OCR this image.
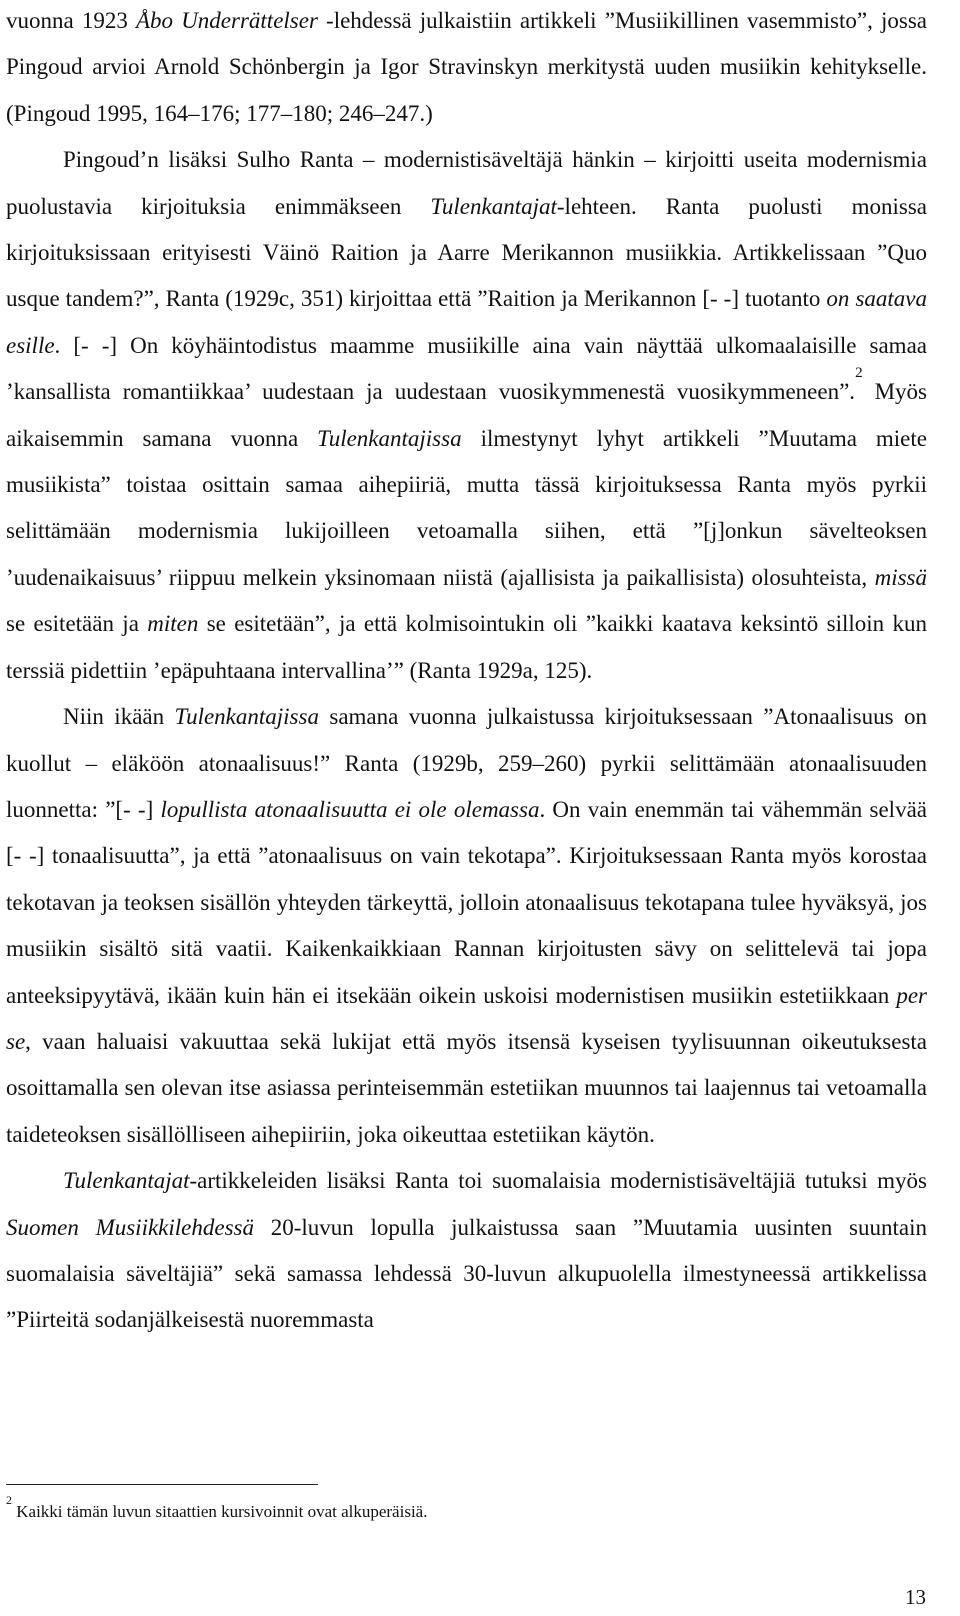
vuonna 1923 Åbo Underrättelser -lehdessä julkaistiin artikkeli ”Musiikillinen vasemmisto”, jossa Pingoud arvioi Arnold Schönbergin ja Igor Stravinskyn merkitystä uuden musiikin kehitykselle. (Pingoud 1995, 164–176; 177–180; 246–247.)

Pingoud’n lisäksi Sulho Ranta – modernistisäveltäjä hänkin – kirjoitti useita modernismia puolustavia kirjoituksia enimmäkseen Tulenkantajat-lehteen. Ranta puolusti monissa kirjoituksissaan erityisesti Väinö Raition ja Aarre Merikannon musiikkia. Artikkelissaan ”Quo usque tandem?”, Ranta (1929c, 351) kirjoittaa että ”Raition ja Merikannon [- -] tuotanto on saatava esille. [- -] On köyhäintodistus maamme musiikille aina vain näyttää ulkomaalaisille samaa ’kansallista romantiikkaa’ uudestaan ja uudestaan vuosikymmenestä vuosikymmeneen”.$^2$ Myös aikaisemmin samana vuonna Tulenkantajissa ilmestynyt lyhyt artikkeli ”Muutama miete musiikista” toistaa osittain samaa aihepiiriä, mutta tässä kirjoituksessa Ranta myös pyrkii selittämään modernismia lukijoilleen vetoamalla siihen, että ”[j]onkun sävelteoksen ’uudenaikaisuus’ riippuu melkein yksinomaan niistä (ajallisista ja paikallisista) olosuhteista, missä se esitetään ja miten se esitetään”, ja että kolmisointukin oli ”kaikki kaatava keksintö silloin kun terssiä pidettiin ’epäpuhtaana intervallina’” (Ranta 1929a, 125).

Niin ikään Tulenkantajissa samana vuonna julkaistussa kirjoituksessaan ”Atonaalisuus on kuollut – eläköön atonaalisuus!” Ranta (1929b, 259–260) pyrkii selittämään atonaalisuuden luonnetta: ”[- -] lopullista atonaalisuutta ei ole olemassa. On vain enemmän tai vähemmän selvää [- -] tonaalisuutta”, ja että ”atonaalisuus on vain tekotapa”. Kirjoituksessaan Ranta myös korostaa tekotavan ja teoksen sisällön yhteyden tärkeyttä, jolloin atonaalisuus tekotapana tulee hyväksyä, jos musiikin sisältö sitä vaatii. Kaikenkaikkiaan Rannan kirjoitusten sävy on selittelevä tai jopa anteeksipyytävä, ikään kuin hän ei itsekään oikein uskoisi modernistisen musiikin estetiikkaan per se, vaan haluaisi vakuuttaa sekä lukijat että myös itsensä kyseisen tyylisuunnan oikeutuksesta osoittamalla sen olevan itse asiassa perinteisemmän estetiikan muunnos tai laajennus tai vetoamalla taideteoksen sisällölliseen aihepiiriin, joka oikeuttaa estetiikan käytön.

Tulenkantajat-artikkeleiden lisäksi Ranta toi suomalaisia modernistisäveltäjiä tutuksi myös Suomen Musiikkilehdessä 20-luvun lopulla julkaistussa saan ”Muutamia uusinten suuntain suomalaisia säveltäjiä” sekä samassa lehdessä 30-luvun alkupuolella ilmestyneessä artikkelissa ”Piirteitä sodanjälkeisestä nuoremmasta

$^2$ Kaikki tämän luvun sitaattien kursivoinnit ovat alkuperäisiä.

13
